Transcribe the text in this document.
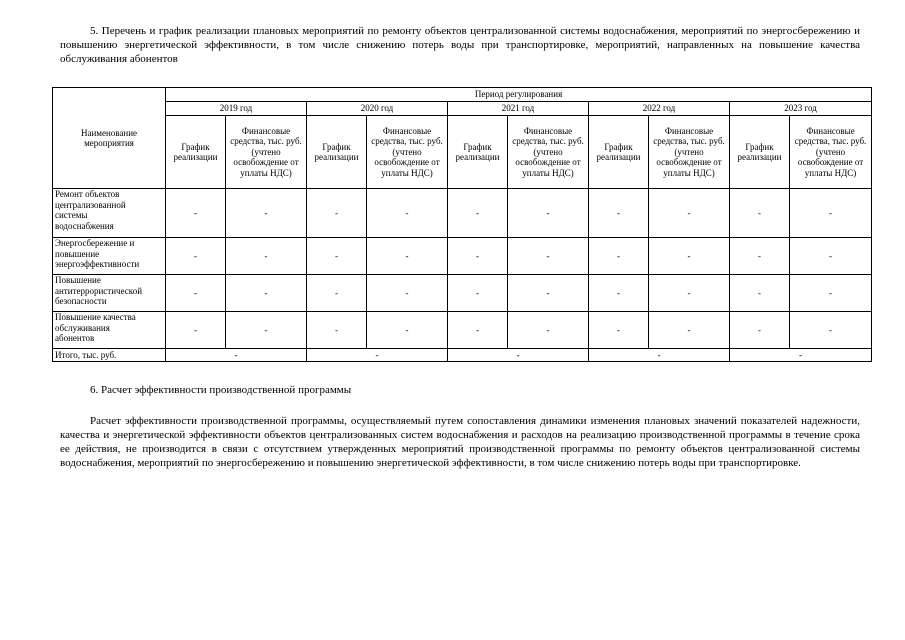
5. Перечень и график реализации плановых мероприятий по ремонту объектов централизованной системы водоснабжения, мероприятий по энергосбережению и повышению энергетической эффективности, в том числе снижению потерь воды при транспортировке, мероприятий, направленных на повышение качества обслуживания абонентов
Наименование мероприятия	Период регулирования									
	2019 год		2020 год		2021 год		2022 год		2023 год	
	График реализации	Финансовые средства, тыс. руб. (учтено освобождение от уплаты НДС)	График реализации	Финансовые средства, тыс. руб. (учтено освобождение от уплаты НДС)	График реализации	Финансовые средства, тыс. руб. (учтено освобождение от уплаты НДС)	График реализации	Финансовые средства, тыс. руб. (учтено освобождение от уплаты НДС)	График реализации	Финансовые средства, тыс. руб. (учтено освобождение от уплаты НДС)

Ремонт объектов
централизованной
системы
водоснабжения	-	-	-	-	-	-	-	-	-	-

Энергосбережение и
повышение
энергоэффективности	-	-	-	-	-	-	-	-	-	-

Повышение
антитеррористической
безопасности	-	-	-	-	-	-	-	-	-	-

Повышение качества
обслуживания
абонентов	-	-	-	-	-	-	-	-	-	-
Итого, тыс. руб.	-		-		-		-		-	
6. Расчет эффективности производственной программы
Расчет эффективности производственной программы, осуществляемый путем сопоставления динамики изменения плановых значений показателей надежности, качества и энергетической эффективности объектов централизованных систем водоснабжения и расходов на реализацию производственной программы в течение срока ее действия, не производится в связи с отсутствием утвержденных мероприятий производственной программы по ремонту объектов централизованной системы водоснабжения, мероприятий по энергосбережению и повышению энергетической эффективности, в том числе снижению потерь воды при транспортировке.
